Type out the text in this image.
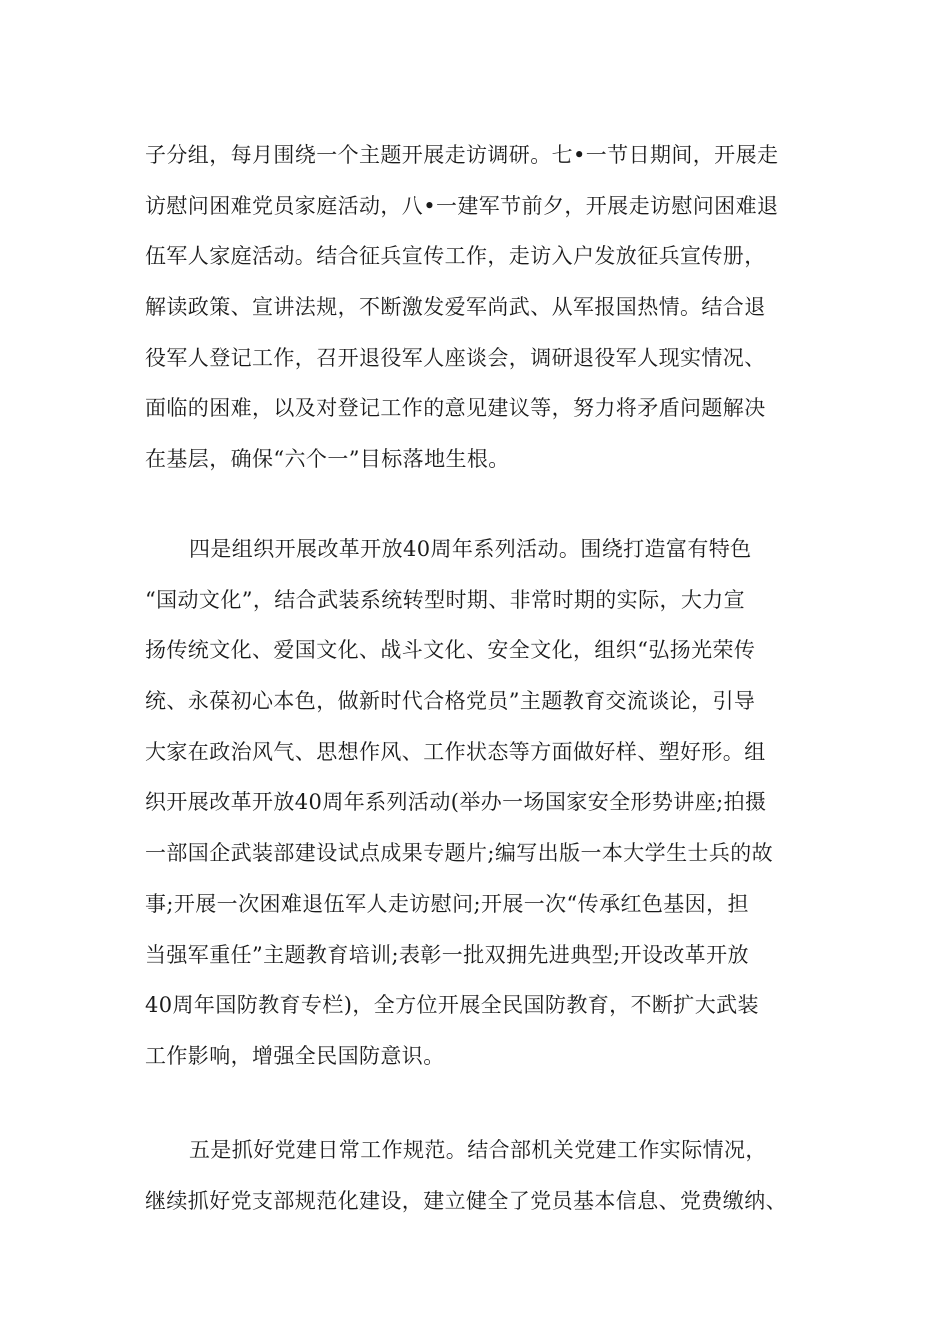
子分组，每月围绕一个主题开展走访调研。七•一节日期间，开展走
访慰问困难党员家庭活动，八•一建军节前夕，开展走访慰问困难退
伍军人家庭活动。结合征兵宣传工作，走访入户发放征兵宣传册，
解读政策、宣讲法规，不断激发爱军尚武、从军报国热情。结合退
役军人登记工作，召开退役军人座谈会，调研退役军人现实情况、
面临的困难，以及对登记工作的意见建议等，努力将矛盾问题解决
在基层，确保“六个一”目标落地生根。
四是组织开展改革开放40周年系列活动。围绕打造富有特色
“国动文化”，结合武装系统转型时期、非常时期的实际，大力宣
扬传统文化、爱国文化、战斗文化、安全文化，组织“弘扬光荣传
统、永葆初心本色，做新时代合格党员”主题教育交流谈论，引导
大家在政治风气、思想作风、工作状态等方面做好样、塑好形。组
织开展改革开放40周年系列活动(举办一场国家安全形势讲座;拍摄
一部国企武装部建设试点成果专题片;编写出版一本大学生士兵的故
事;开展一次困难退伍军人走访慰问;开展一次“传承红色基因，担
当强军重任”主题教育培训;表彰一批双拥先进典型;开设改革开放
40周年国防教育专栏)，全方位开展全民国防教育，不断扩大武装
工作影响，增强全民国防意识。
五是抓好党建日常工作规范。结合部机关党建工作实际情况，
继续抓好党支部规范化建设，建立健全了党员基本信息、党费缴纳、
